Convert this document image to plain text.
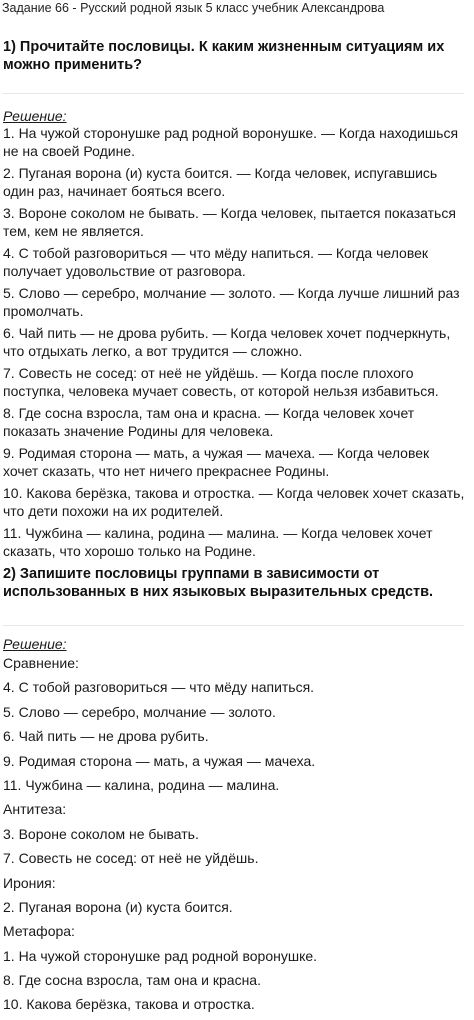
Задание 66 - Русский родной язык 5 класс учебник Александрова
1) Прочитайте пословицы. К каким жизненным ситуациям их можно применить?
Решение:
1. На чужой сторонушке рад родной воронушке. — Когда находишься не на своей Родине.
2. Пуганая ворона (и) куста боится. — Когда человек, испугавшись один раз, начинает бояться всего.
3. Вороне соколом не бывать. — Когда человек, пытается показаться тем, кем не является.
4. С тобой разговориться — что мёду напиться. — Когда человек получает удовольствие от разговора.
5. Слово — серебро, молчание — золото. — Когда лучше лишний раз промолчать.
6. Чай пить — не дрова рубить. — Когда человек хочет подчеркнуть, что отдыхать легко, а вот трудится — сложно.
7. Совесть не сосед: от неё не уйдёшь. — Когда после плохого поступка, человека мучает совесть, от которой нельзя избавиться.
8. Где сосна взросла, там она и красна. — Когда человек хочет показать значение Родины для человека.
9. Родимая сторона — мать, а чужая — мачеха. — Когда человек хочет сказать, что нет ничего прекраснее Родины.
10. Какова берёзка, такова и отростка. — Когда человек хочет сказать, что дети похожи на их родителей.
11. Чужбина — калина, родина — малина. — Когда человек хочет сказать, что хорошо только на Родине.
2) Запишите пословицы группами в зависимости от использованных в них языковых выразительных средств.
Решение:
Сравнение:
4. С тобой разговориться — что мёду напиться.
5. Слово — серебро, молчание — золото.
6. Чай пить — не дрова рубить.
9. Родимая сторона — мать, а чужая — мачеха.
11. Чужбина — калина, родина — малина.
Антитеза:
3. Вороне соколом не бывать.
7. Совесть не сосед: от неё не уйдёшь.
Ирония:
2. Пуганая ворона (и) куста боится.
Метафора:
1. На чужой сторонушке рад родной воронушке.
8. Где сосна взросла, там она и красна.
10. Какова берёзка, такова и отростка.
